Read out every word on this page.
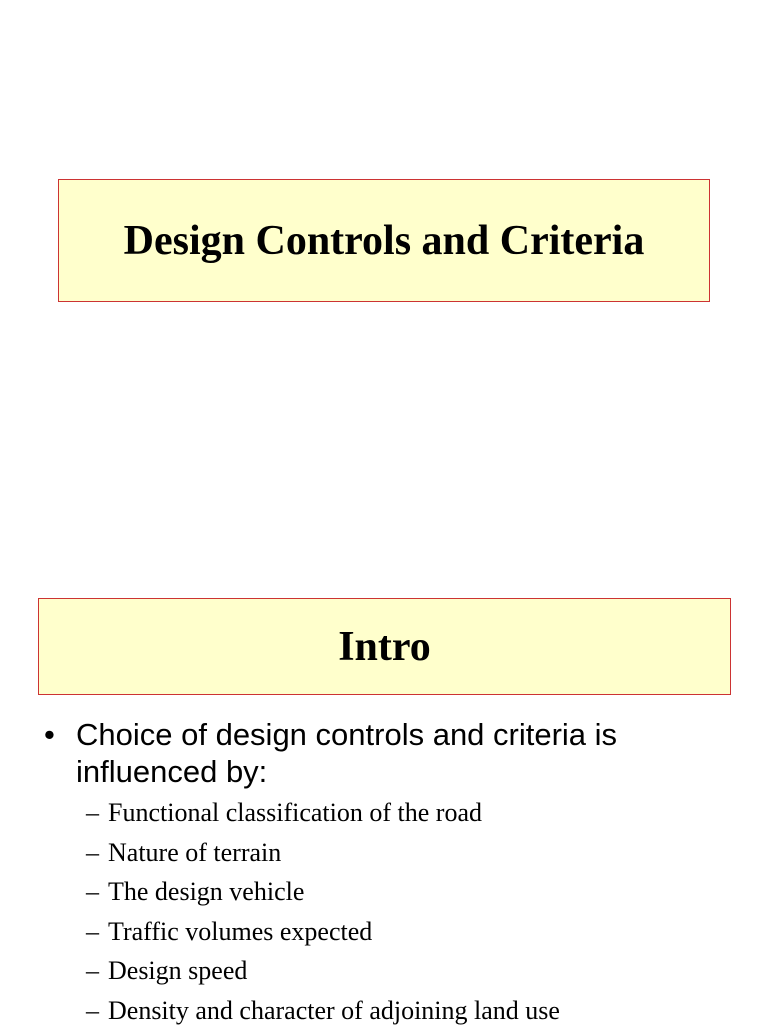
Design Controls and Criteria
Intro
• Choice of design controls and criteria is influenced by:
– Functional classification of the road
– Nature of terrain
– The design vehicle
– Traffic volumes expected
– Design speed
– Density and character of adjoining land use
